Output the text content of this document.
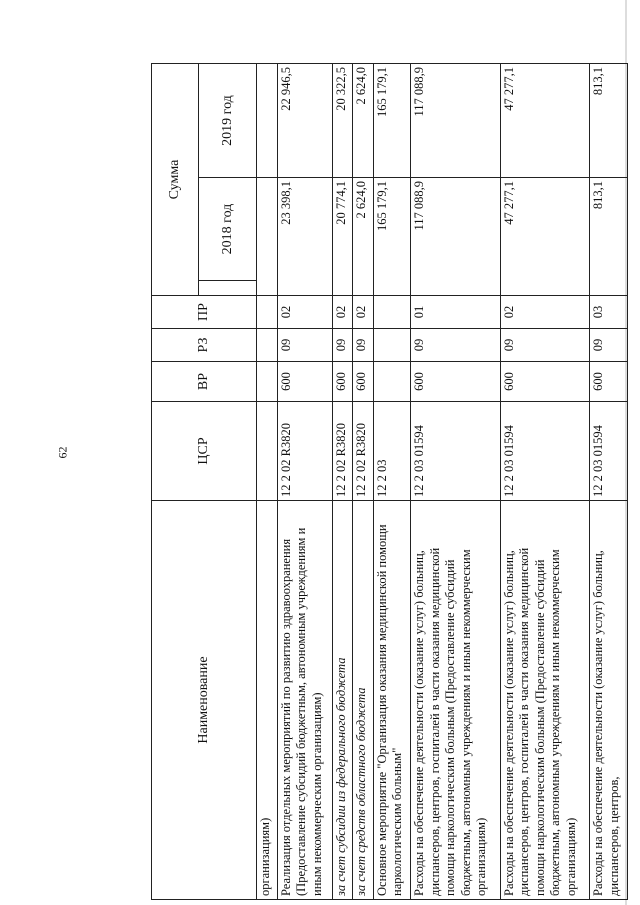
62
Наименование	ЦСР	ВР	РЗ	ПР	Сумма		
						2018 год	2019 год
организациям)							
Реализация отдельных мероприятий по развитию здравоохранения (Предоставление субсидий бюджетным, автономным учреждениям и иным некоммерческим организациям)	12 2 02 R3820	600	09	02	23 398,1		22 946,5
за счет субсидии из федерального бюджета	12 2 02 R3820	600	09	02	20 774,1		20 322,5
за счет средств областного бюджета	12 2 02 R3820	600	09	02	2 624,0		2 624,0
Основное мероприятие "Организация оказания медицинской помощи наркологическим больным"	12 2 03				165 179,1		165 179,1
Расходы на обеспечение деятельности (оказание услуг) больниц, диспансеров, центров, госпиталей в части оказания медицинской помощи наркологическим больным (Предоставление субсидий бюджетным, автономным учреждениям и иным некоммерческим организациям)	12 2 03 01594	600	09	01	117 088,9		117 088,9
Расходы на обеспечение деятельности (оказание услуг) больниц, диспансеров, центров, госпиталей в части оказания медицинской помощи наркологическим больным (Предоставление субсидий бюджетным, автономным учреждениям и иным некоммерческим организациям)	12 2 03 01594	600	09	02	47 277,1		47 277,1
Расходы на обеспечение деятельности (оказание услуг) больниц, диспансеров, центров,	12 2 03 01594	600	09	03	813,1		813,1
